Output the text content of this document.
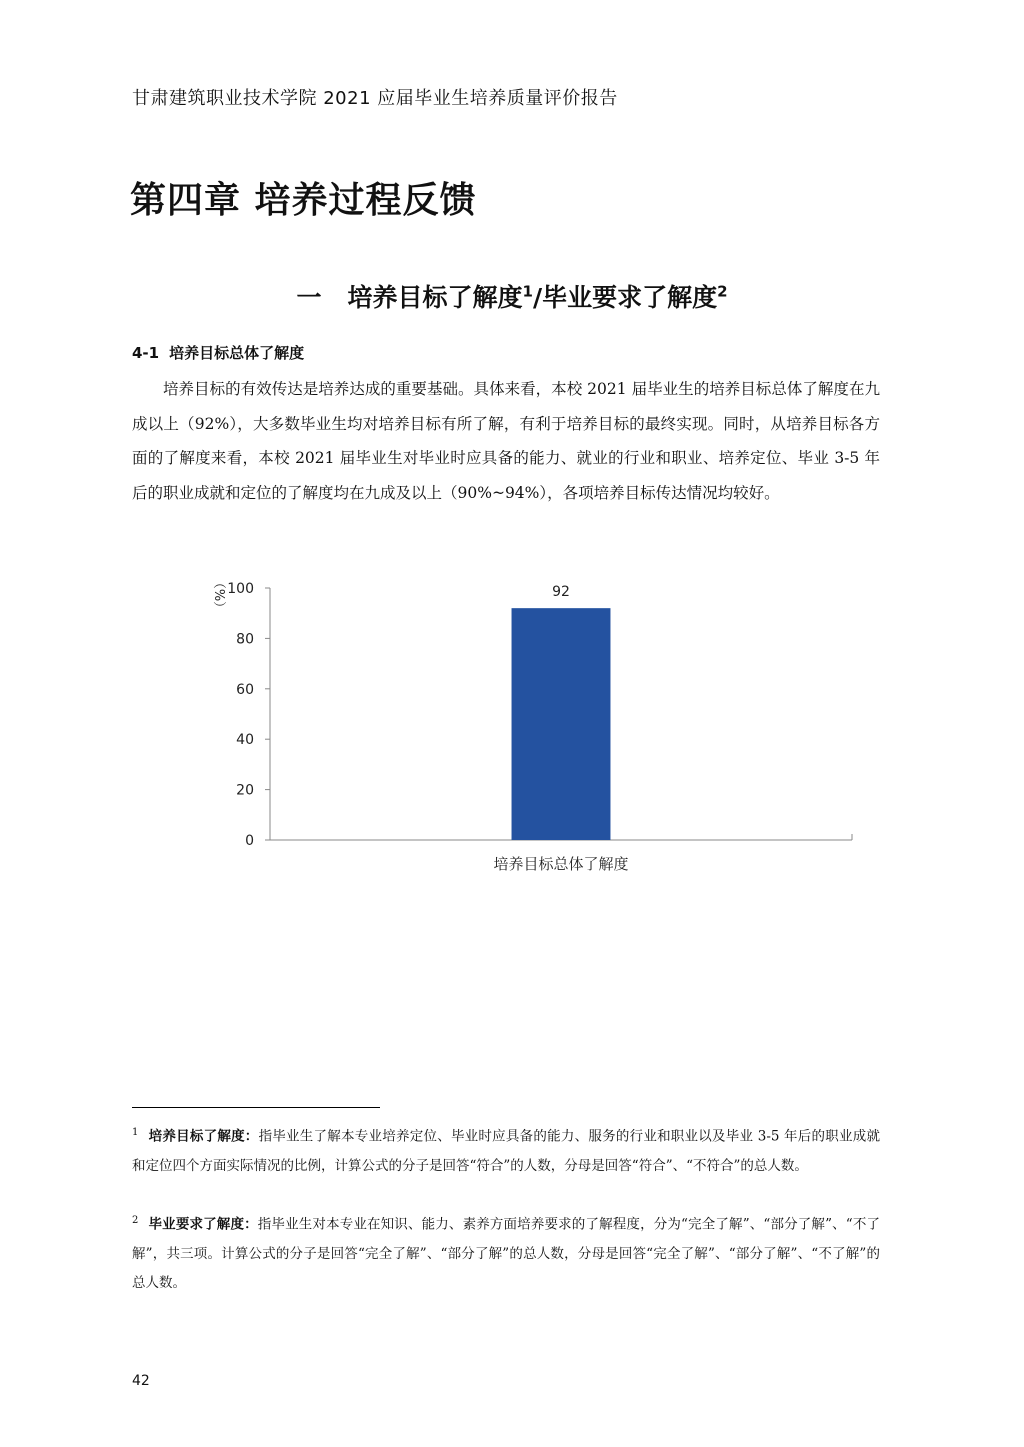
甘肃建筑职业技术学院 2021 应届毕业生培养质量评价报告
第四章 培养过程反馈
一 培养目标了解度$^1$/毕业要求了解度$^2$
4-1 培养目标总体了解度

培养目标的有效传达是培养达成的重要基础。具体来看，本校 2021 届毕业生的培养目标总体了解度在九成以上（92%），大多数毕业生均对培养目标有所了解，有利于培养目标的最终实现。同时，从培养目标各方面的了解度来看，本校 2021 届毕业生对毕业时应具备的能力、就业的行业和职业、培养定位、毕业 3-5 年后的职业成就和定位的了解度均在九成及以上（90%~94%），各项培养目标传达情况均较好。

（%）
0
20
40
60
80
100	92
培养目标总体了解度

$^1$ 培养目标了解度：指毕业生了解本专业培养定位、毕业时应具备的能力、服务的行业和职业以及毕业 3-5 年后的职业成就和定位四个方面实际情况的比例，计算公式的分子是回答“符合”的人数，分母是回答“符合”、“不符合”的总人数。

$^2$ 毕业要求了解度：指毕业生对本专业在知识、能力、素养方面培养要求的了解程度，分为“完全了解”、“部分了解”、“不了解”，共三项。计算公式的分子是回答“完全了解”、“部分了解”的总人数，分母是回答“完全了解”、“部分了解”、“不了解”的总人数。

42
